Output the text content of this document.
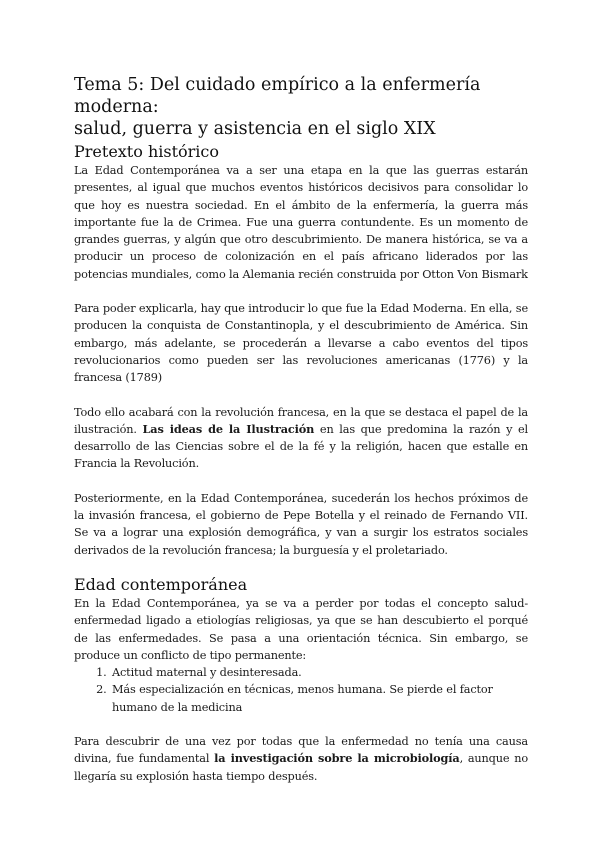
Tema 5: Del cuidado empírico a la enfermería moderna:
salud, guerra y asistencia en el siglo XIX
Pretexto histórico

La Edad Contemporánea va a ser una etapa en la que las guerras estarán presentes, al igual que muchos eventos históricos decisivos para consolidar lo que hoy es nuestra sociedad. En el ámbito de la enfermería, la guerra más importante fue la de Crimea. Fue una guerra contundente. Es un momento de grandes guerras, y algún que otro descubrimiento. De manera histórica, se va a producir un proceso de colonización en el país africano liderados por las potencias mundiales, como la Alemania recién construida por Otton Von Bismark

Para poder explicarla, hay que introducir lo que fue la Edad Moderna. En ella, se producen la conquista de Constantinopla, y el descubrimiento de América. Sin embargo, más adelante, se procederán a llevarse a cabo eventos del tipos revolucionarios como pueden ser las revoluciones americanas (1776) y la francesa (1789)

Todo ello acabará con la revolución francesa, en la que se destaca el papel de la ilustración. Las ideas de la Ilustración en las que predomina la razón y el desarrollo de las Ciencias sobre el de la fé y la religión, hacen que estalle en Francia la Revolución.

Posteriormente, en la Edad Contemporánea, sucederán los hechos próximos de la invasión francesa, el gobierno de Pepe Botella y el reinado de Fernando VII. Se va a lograr una explosión demográfica, y van a surgir los estratos sociales derivados de la revolución francesa; la burguesía y el proletariado.

Edad contemporánea

En la Edad Contemporánea, ya se va a perder por todas el concepto salud-enfermedad ligado a etiologías religiosas, ya que se han descubierto el porqué de las enfermedades. Se pasa a una orientación técnica. Sin embargo, se produce un conflicto de tipo permanente:

1. Actitud maternal y desinteresada.
2. Más especialización en técnicas, menos humana. Se pierde el factor humano de la medicina

Para descubrir de una vez por todas que la enfermedad no tenía una causa divina, fue fundamental la investigación sobre la microbiología, aunque no llegaría su explosión hasta tiempo después.
